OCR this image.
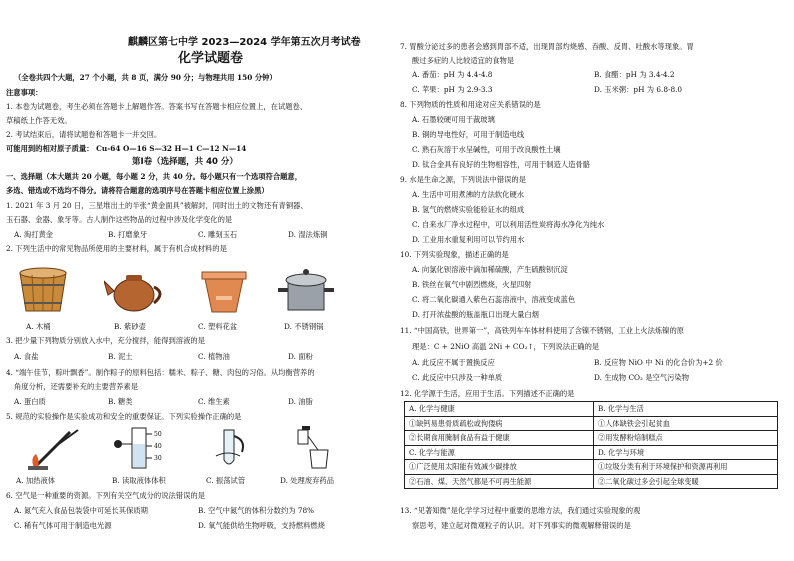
麒麟区第七中学 2023—2024 学年第五次月考试卷
化学试题卷
（全卷共四个大题，27 个小题，共 8 页，满分 90 分；与物理共用 150 分钟）
注意事项：
1. 本卷为试题卷，考生必须在答题卡上解题作答。答案书写在答题卡相应位置上，在试题卷、
草稿纸上作答无效。
2. 考试结束后，请将试题卷和答题卡一并交回。
可能用到的相对原子质量： Cu-64 O—16 S—32 H—1 C—12 N—14
第Ⅰ卷（选择题，共 40 分）
一、选择题（本大题共 20 小题，每小题 2 分，共 40 分。每小题只有一个选项符合题意，
多选、错选或不选均不得分。请将符合题意的选项序号在答题卡相应位置上涂黑）
1. 2021 年 3 月 20 日，三星堆出土的半张“黄金面具”被解封，同时出土的文物还有青铜器、
玉石器、金器、象牙等。古人制作这些物品的过程中涉及化学变化的是
A. 淘打黄金	B. 打磨象牙	C. 雕刻玉石	D. 湿法炼铜
2. 下列生活中的常见物品所使用的主要材料，属于有机合成材料的是
A. 木桶	B. 紫砂壶	C. 塑料花盆	D. 不锈钢锅
3. 把少量下列物质分别放入水中，充分搅拌，能得到溶液的是
A. 食盐	B. 泥土	C. 植物油	D. 面粉
4. “端午佳节，粽叶飘香”。制作粽子的原料包括：糯米、粽子、糖、肉包的习俗。从均衡营养的
角度分析，还需要补充的主要营养素是
A. 蛋白质	B. 糖类	C. 维生素	D. 油脂
5. 规范的实验操作是实验成功和安全的重要保证。下列实验操作正确的是
50
40
30
A. 加热液体	B. 读取液体体积	C. 振荡试管	D. 处理废弃药品
6. 空气是一种重要的资源。下列有关空气成分的说法错误的是
A. 氮气充入食品包装袋中可延长其保质期	B. 空气中氮气的体积分数约为 78%
C. 稀有气体可用于制造电光源	D. 氧气能供给生物呼吸，支持燃料燃烧
7. 胃酸分泌过多的患者会感到胃部不适，出现胃部灼烧感、吞酸、反胃、吐酸水等现象。胃
酸过多症的人比较适宜的食物是
A. 番茄：pH 为 4.4-4.8	B. 食醋：pH 为 3.4-4.2
C. 苹果：pH 为 2.9-3.3	D. 玉米粥：pH 为 6.8-8.0
8. 下列物质的性质和用途对应关系错误的是
A. 石墨较硬可用于裁玻璃
B. 铜的导电性好，可用于制造电线
C. 熟石灰溶于水呈碱性，可用于改良酸性土壤
D. 钛合金具有良好的生物相容性，可用于制造人造骨骼
9. 水是生命之源，下列说法中错误的是
A. 生活中可用煮沸的方法软化硬水
B. 氢气的燃烧实验能验证水的组成
C. 自来水厂净水过程中，可以利用活性炭将海水净化为纯水
D. 工业用水重复利用可以节约用水
10. 下列实验现象，描述正确的是
A. 向氯化钡溶液中滴加稀硫酸，产生硫酸钡沉淀
B. 铁丝在氧气中剧烈燃烧，火星四射
C. 将二氧化碳通入紫色石蕊溶液中，溶液变成蓝色
D. 打开浓盐酸的瓶盖瓶口出现大量白烟
11. “中国高铁，世界第一”，高铁列车车体材料使用了含镍不锈钢，工业上火法炼镍的原
理是：C + 2NiO 高温 2Ni + CO₂↑，下列说法正确的是
A. 此反应不属于置换反应	B. 反应物 NiO 中 Ni 的化合价为+2 价
C. 此反应中只涉及一种单质	D. 生成物 CO₂ 是空气污染物
12. 化学源于生活，应用于生活。下列描述不正确的是
A. 化学与健康	B. 化学与生活
①缺钙易患骨质疏松或佝偻病	①人体缺铁会引起贫血
②长期食用腌制食品有益于健康	②用发酵粉焙制糕点
C. 化学与能源	D. 化学与环境
①广泛使用太阳能有效减少碳排放	①垃圾分类有利于环境保护和资源再利用
②石油、煤、天然气都是不可再生能源	②二氧化碳过多会引起全球变暖
13. “见著知微”是化学学习过程中重要的思维方法，我们通过实验现象的观
察思考，建立起对微观粒子的认识。对下列事实的微观解释错误的是
